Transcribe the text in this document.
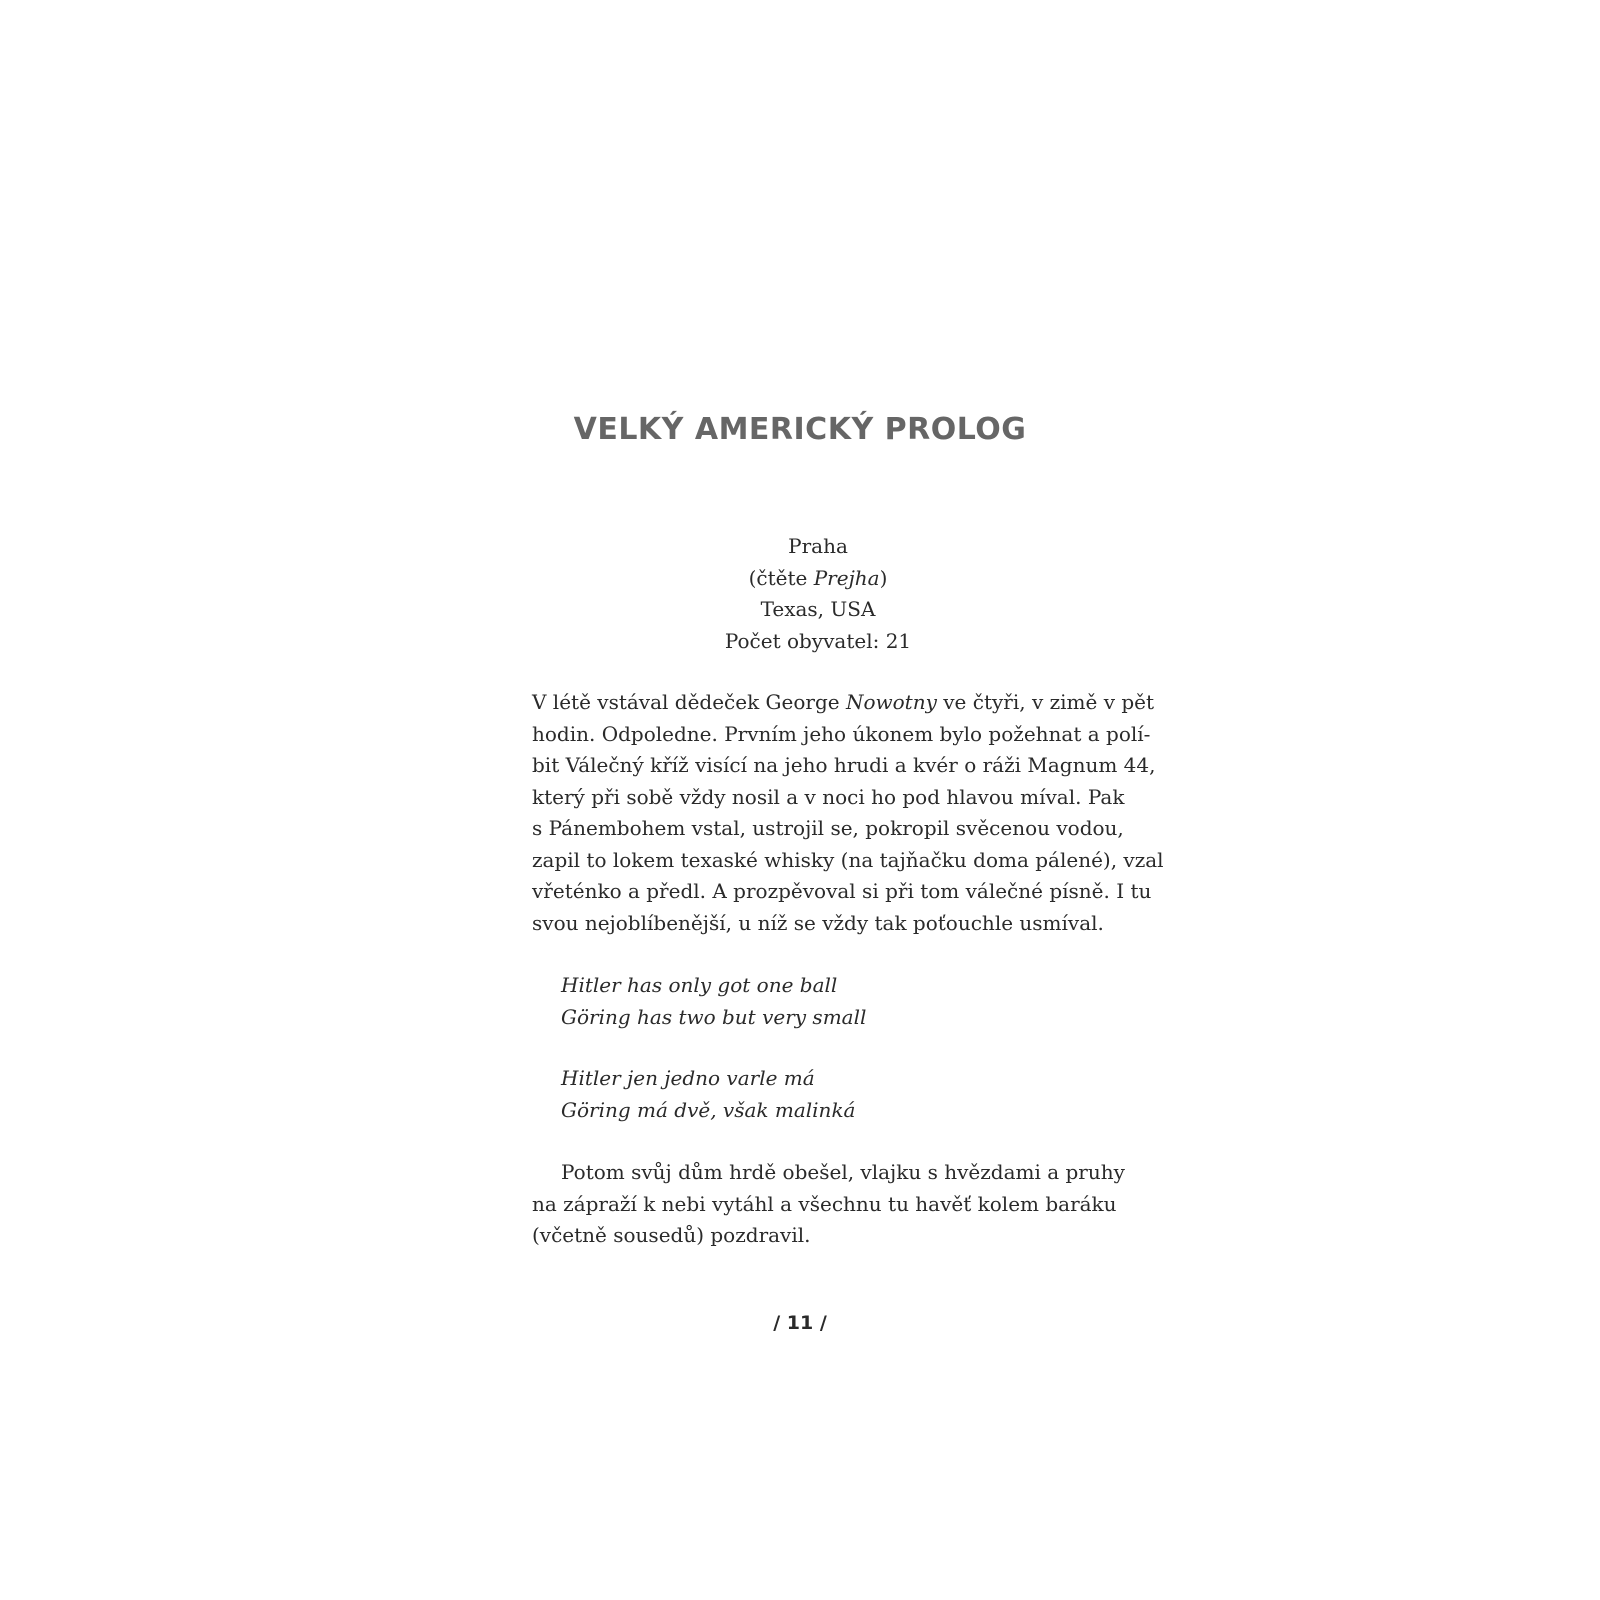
VELKÝ AMERICKÝ PROLOG
Praha
(čtěte Prejha)
Texas, USA
Počet obyvatel: 21
V létě vstával dědeček George Nowotny ve čtyři, v zimě v pět
hodin. Odpoledne. Prvním jeho úkonem bylo požehnat a polí-
bit Válečný kříž visící na jeho hrudi a kvér o ráži Magnum 44,
který při sobě vždy nosil a v noci ho pod hlavou míval. Pak
s Pánembohem vstal, ustrojil se, pokropil svěcenou vodou,
zapil to lokem texaské whisky (na tajňačku doma pálené), vzal
vřeténko a předl. A prozpěvoval si při tom válečné písně. I tu
svou nejoblíbenější, u níž se vždy tak poťouchle usmíval.
Hitler has only got one ball
Göring has two but very small
Hitler jen jedno varle má
Göring má dvě, však malinká
Potom svůj dům hrdě obešel, vlajku s hvězdami a pruhy
na zápraží k nebi vytáhl a všechnu tu havěť kolem baráku
(včetně sousedů) pozdravil.
/ 11 /
